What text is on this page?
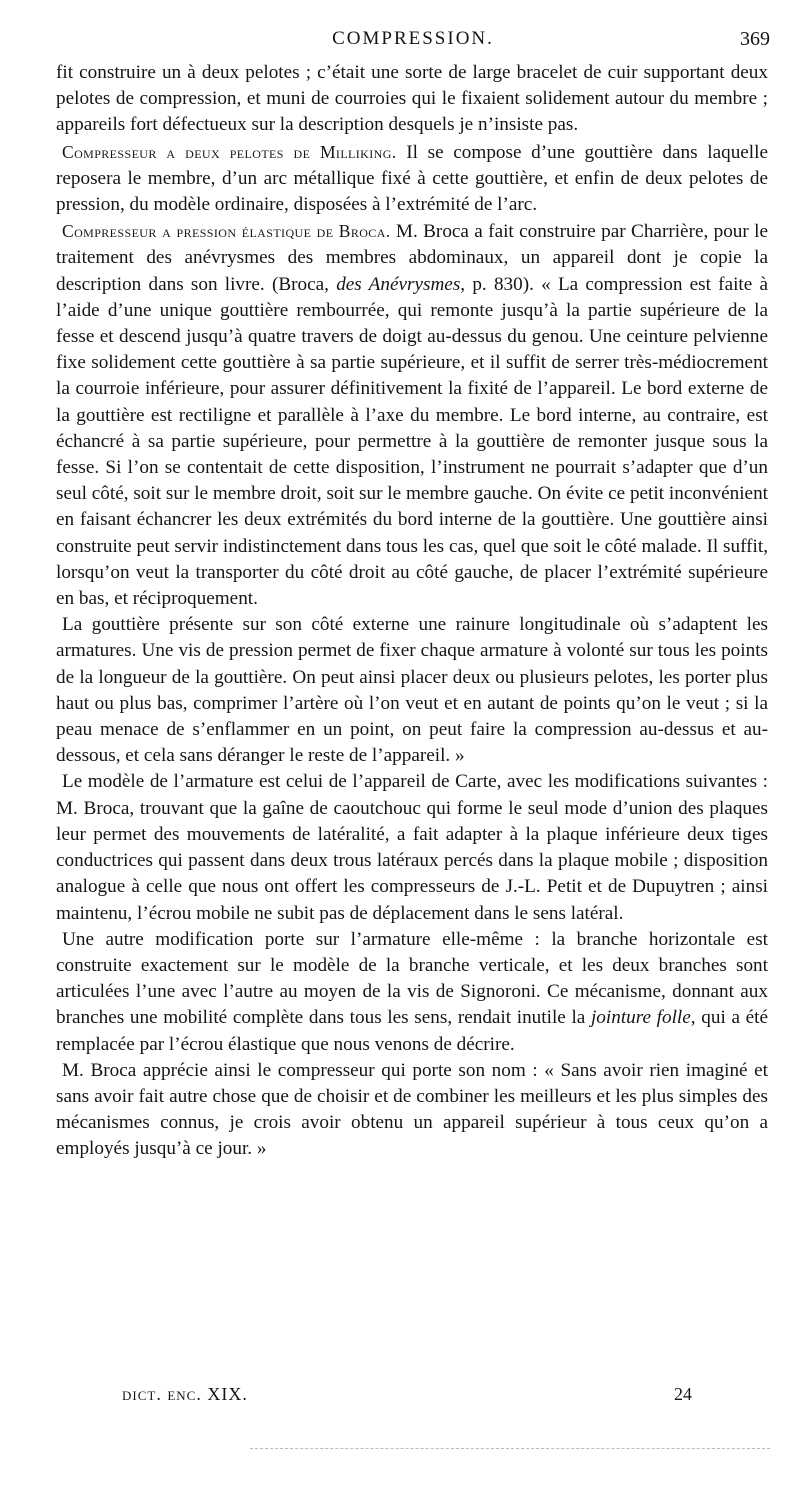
COMPRESSION.	369

fit construire un à deux pelotes ; c’était une sorte de large bracelet de cuir supportant deux pelotes de compression, et muni de courroies qui le fixaient solidement autour du membre ; appareils fort défectueux sur la description desquels je n’insiste pas.

Compresseur a deux pelotes de Milliking. Il se compose d’une gouttière dans laquelle reposera le membre, d’un arc métallique fixé à cette gouttière, et enfin de deux pelotes de pression, du modèle ordinaire, disposées à l’extrémité de l’arc.

Compresseur a pression élastique de Broca. M. Broca a fait construire par Charrière, pour le traitement des anévrysmes des membres abdominaux, un appareil dont je copie la description dans son livre. (Broca, des Anévrysmes, p. 830). « La compression est faite à l’aide d’une unique gouttière rembourrée, qui remonte jusqu’à la partie supérieure de la fesse et descend jusqu’à quatre travers de doigt au-dessus du genou. Une ceinture pelvienne fixe solidement cette gouttière à sa partie supérieure, et il suffit de serrer très-médiocrement la courroie inférieure, pour assurer définitivement la fixité de l’appareil. Le bord externe de la gouttière est rectiligne et parallèle à l’axe du membre. Le bord interne, au contraire, est échancré à sa partie supérieure, pour permettre à la gouttière de remonter jusque sous la fesse. Si l’on se contentait de cette disposition, l’instrument ne pourrait s’adapter que d’un seul côté, soit sur le membre droit, soit sur le membre gauche. On évite ce petit inconvénient en faisant échancrer les deux extrémités du bord interne de la gouttière. Une gouttière ainsi construite peut servir indistinctement dans tous les cas, quel que soit le côté malade. Il suffit, lorsqu’on veut la transporter du côté droit au côté gauche, de placer l’extrémité supérieure en bas, et réciproquement.

La gouttière présente sur son côté externe une rainure longitudinale où s’adaptent les armatures. Une vis de pression permet de fixer chaque armature à volonté sur tous les points de la longueur de la gouttière. On peut ainsi placer deux ou plusieurs pelotes, les porter plus haut ou plus bas, comprimer l’artère où l’on veut et en autant de points qu’on le veut ; si la peau menace de s’enflammer en un point, on peut faire la compression au-dessus et au-dessous, et cela sans déranger le reste de l’appareil. »

Le modèle de l’armature est celui de l’appareil de Carte, avec les modifications suivantes : M. Broca, trouvant que la gaîne de caoutchouc qui forme le seul mode d’union des plaques leur permet des mouvements de latéralité, a fait adapter à la plaque inférieure deux tiges conductrices qui passent dans deux trous latéraux percés dans la plaque mobile ; disposition analogue à celle que nous ont offert les compresseurs de J.-L. Petit et de Dupuytren ; ainsi maintenu, l’écrou mobile ne subit pas de déplacement dans le sens latéral.

Une autre modification porte sur l’armature elle-même : la branche horizontale est construite exactement sur le modèle de la branche verticale, et les deux branches sont articulées l’une avec l’autre au moyen de la vis de Signoroni. Ce mécanisme, donnant aux branches une mobilité complète dans tous les sens, rendait inutile la jointure folle, qui a été remplacée par l’écrou élastique que nous venons de décrire.

M. Broca apprécie ainsi le compresseur qui porte son nom : « Sans avoir rien imaginé et sans avoir fait autre chose que de choisir et de combiner les meilleurs et les plus simples des mécanismes connus, je crois avoir obtenu un appareil supérieur à tous ceux qu’on a employés jusqu’à ce jour. »

dict. enc. XIX.	24
